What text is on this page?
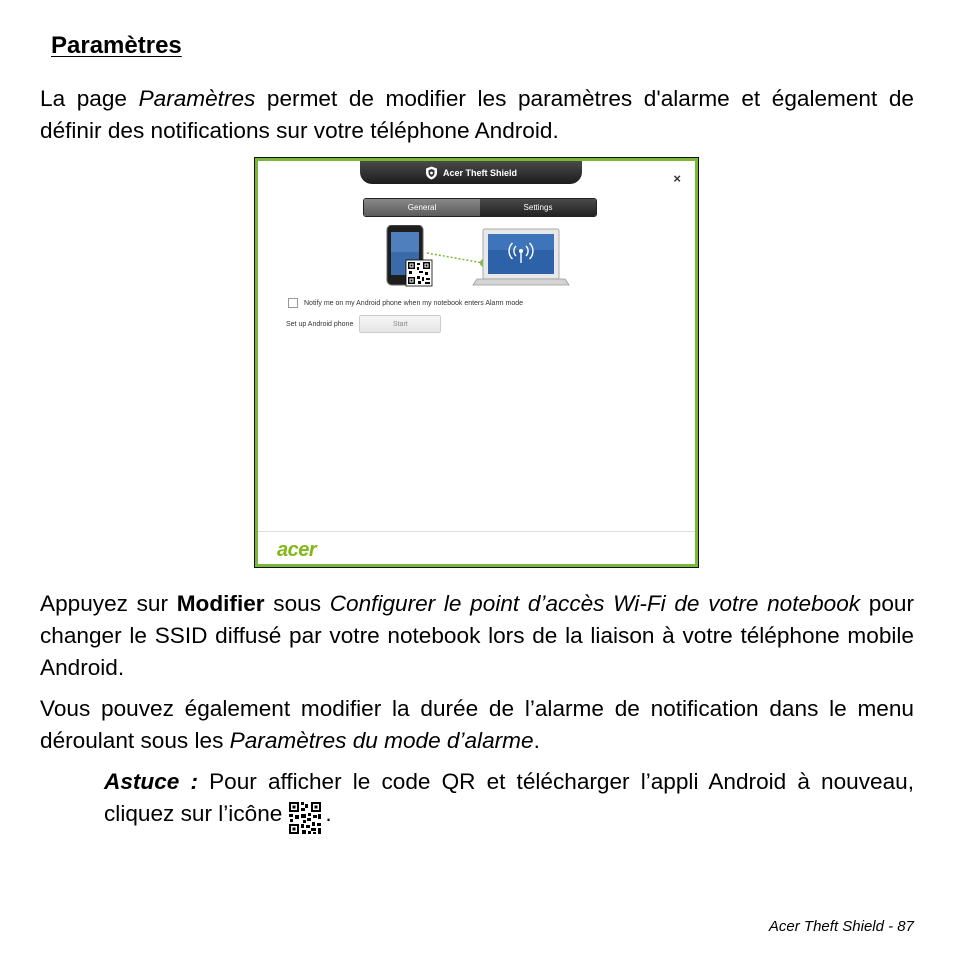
Paramètres

La page Paramètres permet de modifier les paramètres d'alarme et également de définir des notifications sur votre téléphone Android.

Acer Theft Shield	×
General	Settings
Notify me on my Android phone when my notebook enters Alarm mode
Set up Android phone	Start
acer

Appuyez sur Modifier sous Configurer le point d’accès Wi-Fi de votre notebook pour changer le SSID diffusé par votre notebook lors de la liaison à votre téléphone mobile Android.

Vous pouvez également modifier la durée de l’alarme de notification dans le menu déroulant sous les Paramètres du mode d’alarme.

Astuce : Pour afficher le code QR et télécharger l’appli Android à nouveau, cliquez sur l’icône .

Acer Theft Shield - 87
